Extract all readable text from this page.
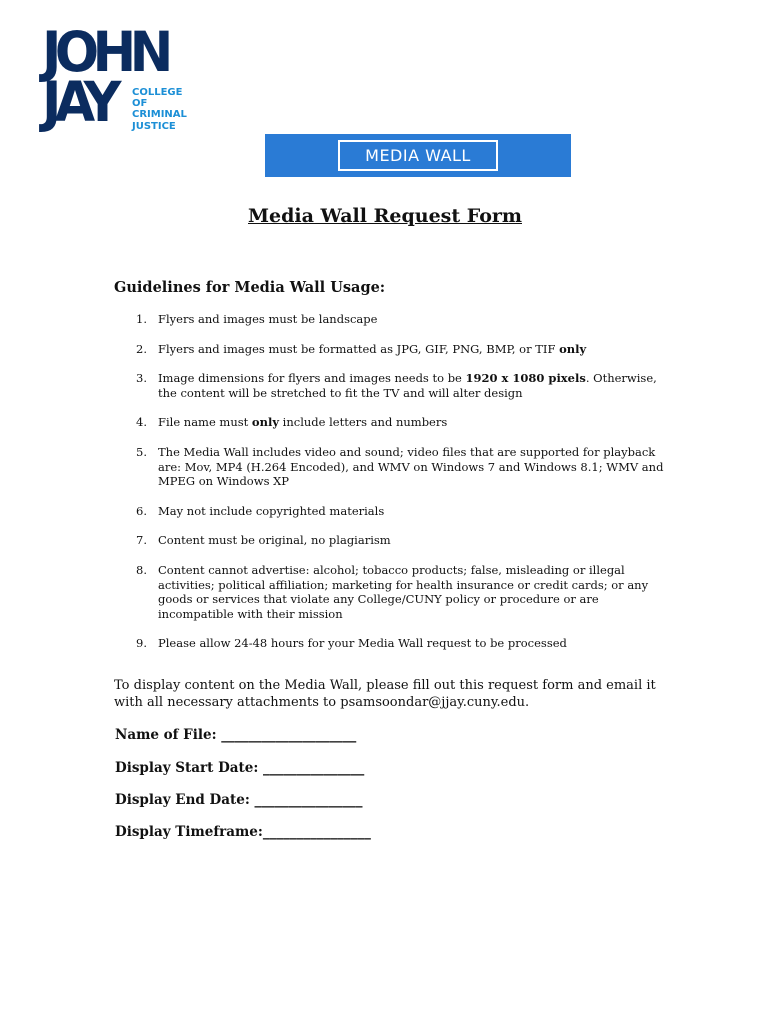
JOHN
JAY COLLEGE
OF
CRIMINAL
JUSTICE
MEDIA WALL
Media Wall Request Form
Guidelines for Media Wall Usage:
1. Flyers and images must be landscape
2. Flyers and images must be formatted as JPG, GIF, PNG, BMP, or TIF only
3. Image dimensions for flyers and images needs to be 1920 x 1080 pixels. Otherwise, the content will be stretched to fit the TV and will alter design
4. File name must only include letters and numbers
5. The Media Wall includes video and sound; video files that are supported for playback are: Mov, MP4 (H.264 Encoded), and WMV on Windows 7 and Windows 8.1; WMV and MPEG on Windows XP
6. May not include copyrighted materials
7. Content must be original, no plagiarism
8. Content cannot advertise: alcohol; tobacco products; false, misleading or illegal activities; political affiliation; marketing for health insurance or credit cards; or any goods or services that violate any College/CUNY policy or procedure or are incompatible with their mission
9. Please allow 24-48 hours for your Media Wall request to be processed
To display content on the Media Wall, please fill out this request form and email it with all necessary attachments to psamsoondar@jjay.cuny.edu.
Name of File: ____________________
Display Start Date: _______________
Display End Date: ________________
Display Timeframe:________________
